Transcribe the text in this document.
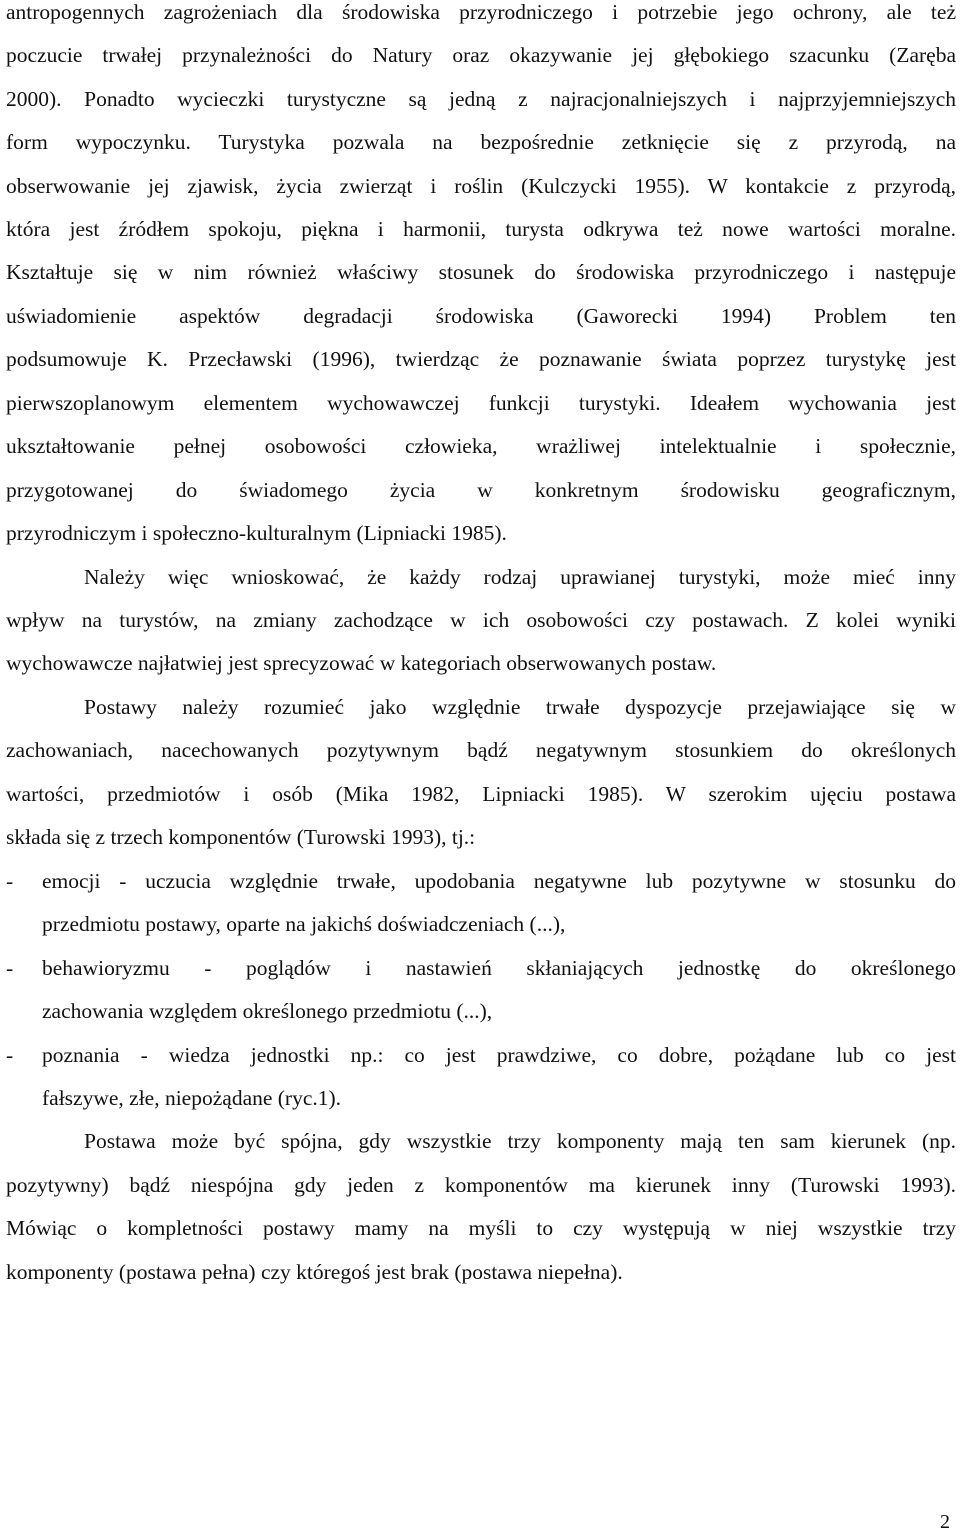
antropogennych zagrożeniach dla środowiska przyrodniczego i potrzebie jego ochrony, ale też
poczucie trwałej przynależności do Natury oraz okazywanie jej głębokiego szacunku (Zaręba
2000). Ponadto wycieczki turystyczne są jedną z najracjonalniejszych i najprzyjemniejszych
form wypoczynku. Turystyka pozwala na bezpośrednie zetknięcie się z przyrodą, na
obserwowanie jej zjawisk, życia zwierząt i roślin (Kulczycki 1955). W kontakcie z przyrodą,
która jest źródłem spokoju, piękna i harmonii, turysta odkrywa też nowe wartości moralne.
Kształtuje się w nim również właściwy stosunek do środowiska przyrodniczego i następuje
uświadomienie aspektów degradacji środowiska (Gaworecki 1994) Problem ten
podsumowuje K. Przecławski (1996), twierdząc że poznawanie świata poprzez turystykę jest
pierwszoplanowym elementem wychowawczej funkcji turystyki. Ideałem wychowania jest
ukształtowanie pełnej osobowości człowieka, wrażliwej intelektualnie i społecznie,
przygotowanej do świadomego życia w konkretnym środowisku geograficznym,
przyrodniczym i społeczno-kulturalnym (Lipniacki 1985).
Należy więc wnioskować, że każdy rodzaj uprawianej turystyki, może mieć inny
wpływ na turystów, na zmiany zachodzące w ich osobowości czy postawach. Z kolei wyniki
wychowawcze najłatwiej jest sprecyzować w kategoriach obserwowanych postaw.
Postawy należy rozumieć jako względnie trwałe dyspozycje przejawiające się w
zachowaniach, nacechowanych pozytywnym bądź negatywnym stosunkiem do określonych
wartości, przedmiotów i osób (Mika 1982, Lipniacki 1985). W szerokim ujęciu postawa
składa się z trzech komponentów (Turowski 1993), tj.:
-	emocji - uczucia względnie trwałe, upodobania negatywne lub pozytywne w stosunku do
przedmiotu postawy, oparte na jakichś doświadczeniach (...),
-	behawioryzmu - poglądów i nastawień skłaniających jednostkę do określonego
zachowania względem określonego przedmiotu (...),
-	poznania - wiedza jednostki np.: co jest prawdziwe, co dobre, pożądane lub co jest
fałszywe, złe, niepożądane (ryc.1).
Postawa może być spójna, gdy wszystkie trzy komponenty mają ten sam kierunek (np.
pozytywny) bądź niespójna gdy jeden z komponentów ma kierunek inny (Turowski 1993).
Mówiąc o kompletności postawy mamy na myśli to czy występują w niej wszystkie trzy
komponenty (postawa pełna) czy któregoś jest brak (postawa niepełna).
2
